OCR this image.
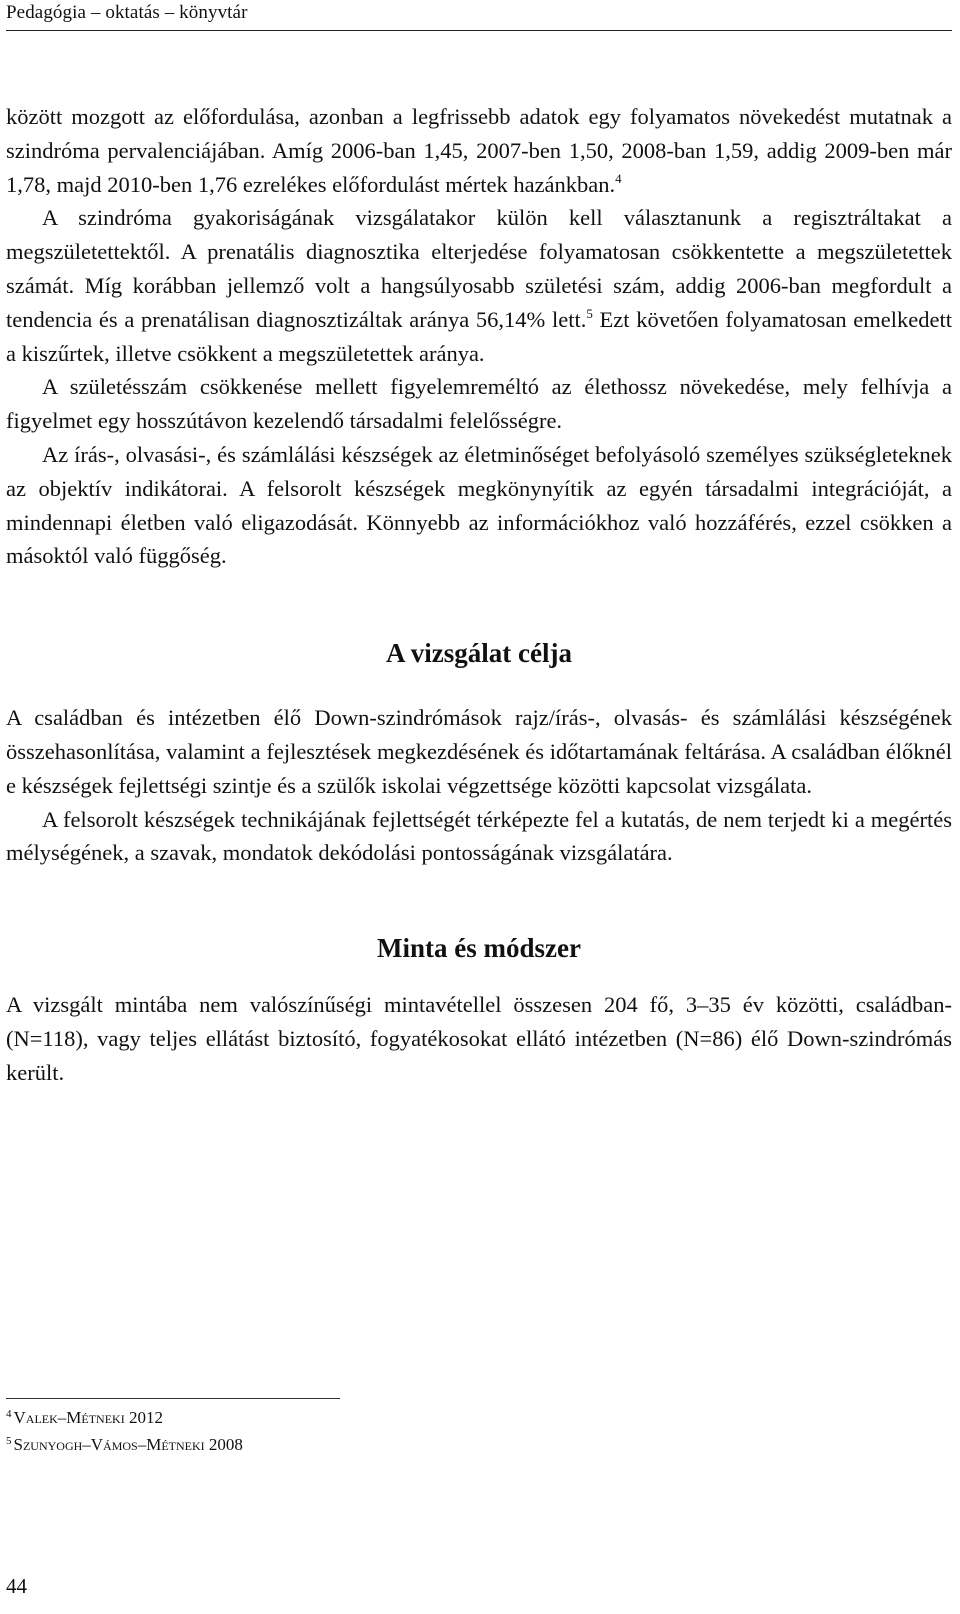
Pedagógia – oktatás – könyvtár

között mozgott az előfordulása, azonban a legfrissebb adatok egy folyamatos növekedést mutatnak a szindróma pervalenciájában. Amíg 2006-ban 1,45, 2007-ben 1,50, 2008-ban 1,59, addig 2009-ben már 1,78, majd 2010-ben 1,76 ezrelékes előfordulást mértek hazánkban.$^4$

A szindróma gyakoriságának vizsgálatakor külön kell választanunk a regisztráltakat a megszületettektől. A prenatális diagnosztika elterjedése folyamatosan csökkentette a megszületettek számát. Míg korábban jellemző volt a hangsúlyosabb születési szám, addig 2006-ban megfordult a tendencia és a prenatálisan diagnosztizáltak aránya 56,14% lett.$^5$ Ezt követően folyamatosan emelkedett a kiszűrtek, illetve csökkent a megszületettek aránya.

A születésszám csökkenése mellett figyelemreméltó az élethossz növekedése, mely felhívja a figyelmet egy hosszútávon kezelendő társadalmi felelősségre.

Az írás-, olvasási-, és számlálási készségek az életminőséget befolyásoló személyes szükségleteknek az objektív indikátorai. A felsorolt készségek megkönynyítik az egyén társadalmi integrációját, a mindennapi életben való eligazodását. Könnyebb az információkhoz való hozzáférés, ezzel csökken a másoktól való függőség.

A vizsgálat célja

A családban és intézetben élő Down-szindrómások rajz/írás-, olvasás- és számlálási készségének összehasonlítása, valamint a fejlesztések megkezdésének és időtartamának feltárása. A családban élőknél e készségek fejlettségi szintje és a szülők iskolai végzettsége közötti kapcsolat vizsgálata.

A felsorolt készségek technikájának fejlettségét térképezte fel a kutatás, de nem terjedt ki a megértés mélységének, a szavak, mondatok dekódolási pontosságának vizsgálatára.

Minta és módszer

A vizsgált mintába nem valószínűségi mintavétellel összesen 204 fő, 3–35 év közötti, családban- (N=118), vagy teljes ellátást biztosító, fogyatékosokat ellátó intézetben (N=86) élő Down-szindrómás került.

$^4$ Valek–Métneki 2012
$^5$ Szunyogh–Vámos–Métneki 2008
44
